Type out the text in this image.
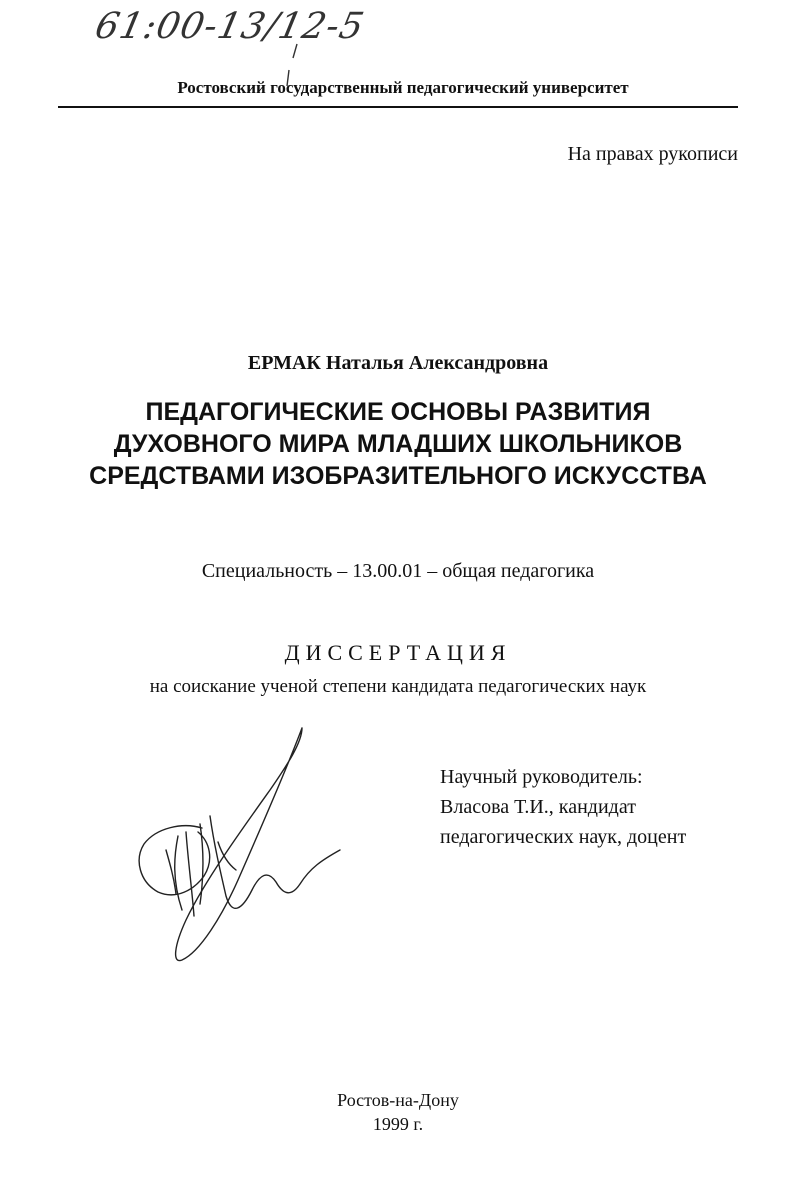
61:00-13/12-5
Ростовский государственный педагогический университет
На правах рукописи
ЕРМАК Наталья Александровна
ПЕДАГОГИЧЕСКИЕ ОСНОВЫ РАЗВИТИЯ
ДУХОВНОГО МИРА МЛАДШИХ ШКОЛЬНИКОВ
СРЕДСТВАМИ ИЗОБРАЗИТЕЛЬНОГО ИСКУССТВА
Специальность – 13.00.01 – общая педагогика
ДИССЕРТАЦИЯ
на соискание ученой степени кандидата педагогических наук
Научный руководитель:
Власова Т.И., кандидат
педагогических наук, доцент
Ростов-на-Дону
1999 г.
